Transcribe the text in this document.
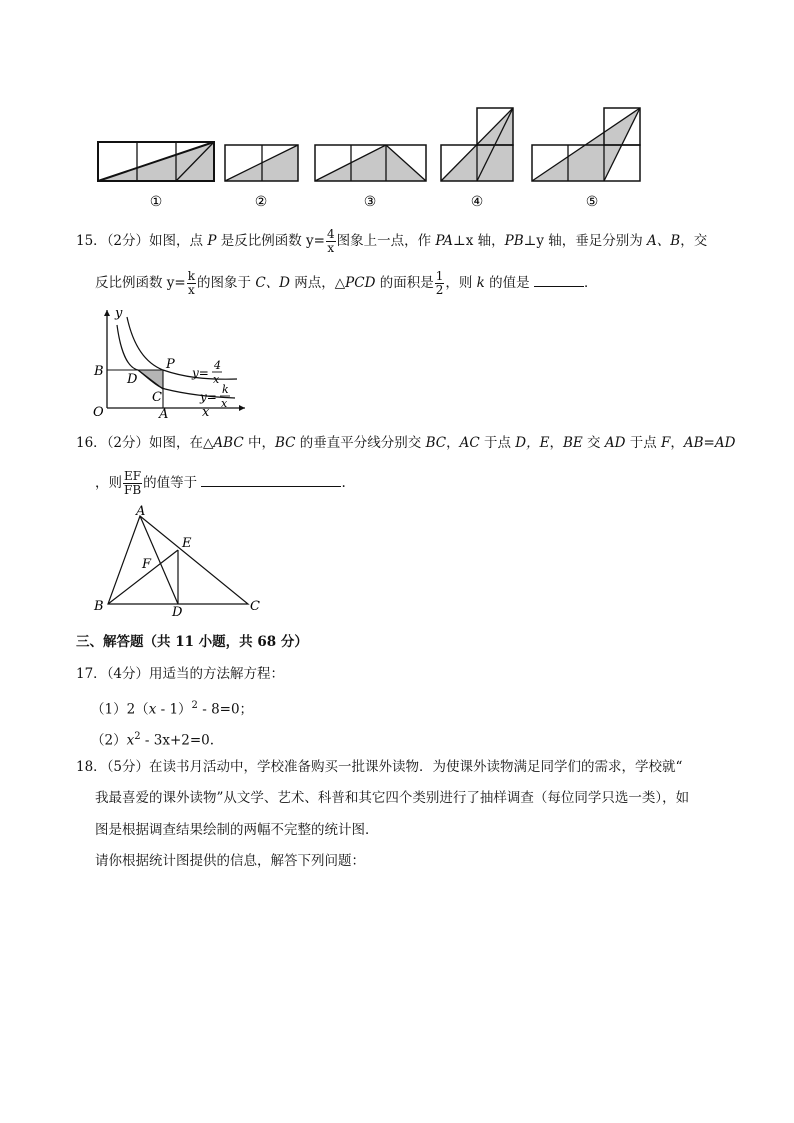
①	②	③	④	⑤
15．（2分）如图，点 P 是反比例函数 $y= \frac{4}{x}$ 图象上一点，作 PA⊥x 轴，PB⊥y 轴，垂足分别为 A、B，交
反比例函数 $y= \frac{k}{x}$ 的图象于 C、D 两点，△PCD 的面积是 $\frac{1}{2}$ ，则 k 的值是	．
y
x
O
B
D
P
C
A
y=
4
x
y=
k
x
16．（2分）如图，在△ABC 中，BC 的垂直平分线分别交 BC，AC 于点 D，E，BE 交 AD 于点 F，AB=AD
，则 $\frac{EF}{FB}$ 的值等于	.
A
E
F
B	D	C
三、解答题（共 11 小题，共 68 分）
17．（4分）用适当的方法解方程：
（1）2（x - 1）$^2$ - 8=0；
$(2)x^2 - 3x+2=0$.
18．（5分）在读书月活动中，学校准备购买一批课外读物．为使课外读物满足同学们的需求，学校就“
我最喜爱的课外读物”从文学、艺术、科普和其它四个类别进行了抽样调查（每位同学只选一类），如
图是根据调查结果绘制的两幅不完整的统计图．
请你根据统计图提供的信息，解答下列问题：
